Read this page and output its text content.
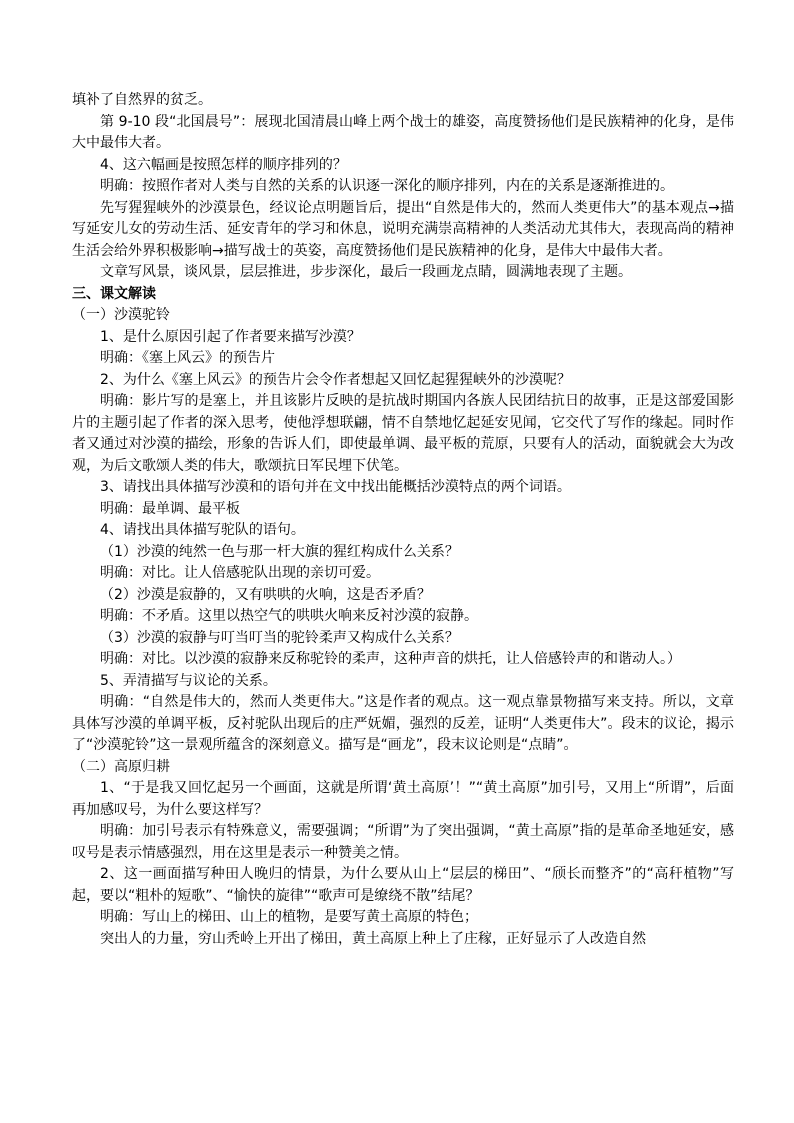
填补了自然界的贫乏。

第 9-10 段“北国晨号”：展现北国清晨山峰上两个战士的雄姿，高度赞扬他们是民族精神的化身，是伟大中最伟大者。

4、这六幅画是按照怎样的顺序排列的？

明确：按照作者对人类与自然的关系的认识逐一深化的顺序排列，内在的关系是逐渐推进的。

先写猩猩峡外的沙漠景色，经议论点明题旨后，提出“自然是伟大的，然而人类更伟大”的基本观点→描写延安儿女的劳动生活、延安青年的学习和休息，说明充满崇高精神的人类活动尤其伟大，表现高尚的精神生活会给外界积极影响→描写战士的英姿，高度赞扬他们是民族精神的化身，是伟大中最伟大者。

文章写风景，谈风景，层层推进，步步深化，最后一段画龙点睛，圆满地表现了主题。

三、课文解读

（一）沙漠驼铃

1、是什么原因引起了作者要来描写沙漠？

明确：《塞上风云》的预告片

2、为什么《塞上风云》的预告片会令作者想起又回忆起猩猩峡外的沙漠呢？

明确：影片写的是塞上，并且该影片反映的是抗战时期国内各族人民团结抗日的故事，正是这部爱国影片的主题引起了作者的深入思考，使他浮想联翩，情不自禁地忆起延安见闻，它交代了写作的缘起。同时作者又通过对沙漠的描绘，形象的告诉人们，即使最单调、最平板的荒原，只要有人的活动，面貌就会大为改观，为后文歌颂人类的伟大，歌颂抗日军民埋下伏笔。

3、请找出具体描写沙漠和的语句并在文中找出能概括沙漠特点的两个词语。

明确：最单调、最平板

4、请找出具体描写驼队的语句。

（1）沙漠的纯然一色与那一杆大旗的猩红构成什么关系？

明确：对比。让人倍感驼队出现的亲切可爱。

（2）沙漠是寂静的，又有哄哄的火响，这是否矛盾？

明确：不矛盾。这里以热空气的哄哄火响来反衬沙漠的寂静。

（3）沙漠的寂静与叮当叮当的驼铃柔声又构成什么关系？

明确：对比。以沙漠的寂静来反称驼铃的柔声，这种声音的烘托，让人倍感铃声的和谐动人。）

5、弄清描写与议论的关系。

明确：“自然是伟大的，然而人类更伟大。”这是作者的观点。这一观点靠景物描写来支持。所以，文章具体写沙漠的单调平板，反衬驼队出现后的庄严妩媚，强烈的反差，证明“人类更伟大”。段末的议论，揭示了“沙漠驼铃”这一景观所蕴含的深刻意义。描写是“画龙”，段末议论则是“点睛”。

（二）高原归耕

1、“于是我又回忆起另一个画面，这就是所谓‘黄土高原’！”“黄土高原”加引号，又用上“所谓”，后面再加感叹号，为什么要这样写？

明确：加引号表示有特殊意义，需要强调；“所谓”为了突出强调，“黄土高原”指的是革命圣地延安，感叹号是表示情感强烈，用在这里是表示一种赞美之情。

2、这一画面描写种田人晚归的情景，为什么要从山上“层层的梯田”、“颀长而整齐”的“高秆植物”写起，要以“粗朴的短歌”、“愉快的旋律”“歌声可是缭绕不散”结尾？

明确：写山上的梯田、山上的植物，是要写黄土高原的特色；

突出人的力量，穷山秃岭上开出了梯田，黄土高原上种上了庄稼，正好显示了人改造自然
